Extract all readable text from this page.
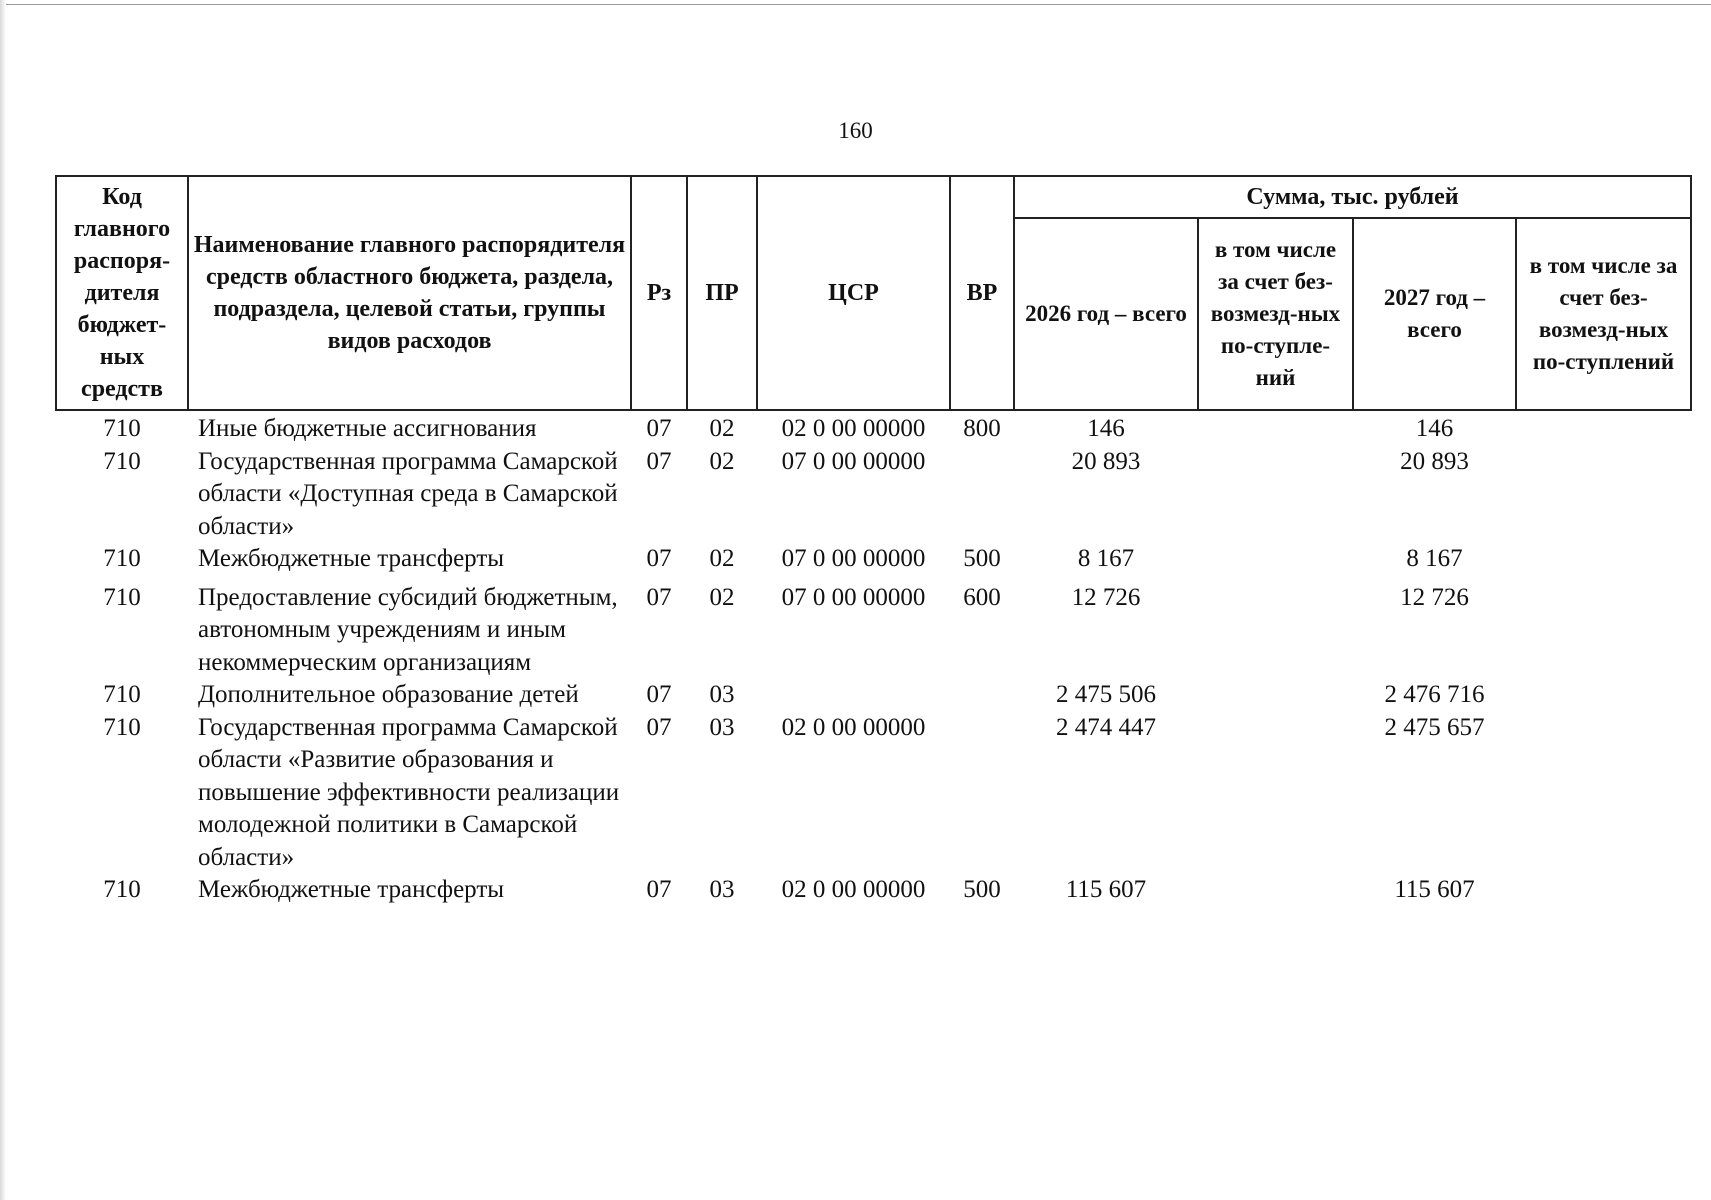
160
Код главного распоря-дителя бюджет-ных средств	Наименование главного распорядителя средств областного бюджета, раздела, подраздела, целевой статьи, группы видов расходов	Рз	ПР	ЦСР	ВР	Сумма, тыс. рублей			
						2026 год – всего	в том числе за счет без-возмезд-ных по-ступле-ний	2027 год – всего	в том числе за счет без-возмезд-ных по-ступлений
710	Иные бюджетные ассигнования	07	02	02 0 00 00000	800	146		146	
710	Государственная программа Самарской области «Доступная среда в Самарской области»	07	02	07 0 00 00000		20 893		20 893	
710	Межбюджетные трансферты	07	02	07 0 00 00000	500	8 167		8 167	
710	Предоставление субсидий бюджетным, автономным учреждениям и иным некоммерческим организациям	07	02	07 0 00 00000	600	12 726		12 726	
710	Дополнительное образование детей	07	03			2 475 506		2 476 716	
710	Государственная программа Самарской области «Развитие образования и повышение эффективности реализации молодежной политики в Самарской области»	07	03	02 0 00 00000		2 474 447		2 475 657	
710	Межбюджетные трансферты	07	03	02 0 00 00000	500	115 607		115 607	
